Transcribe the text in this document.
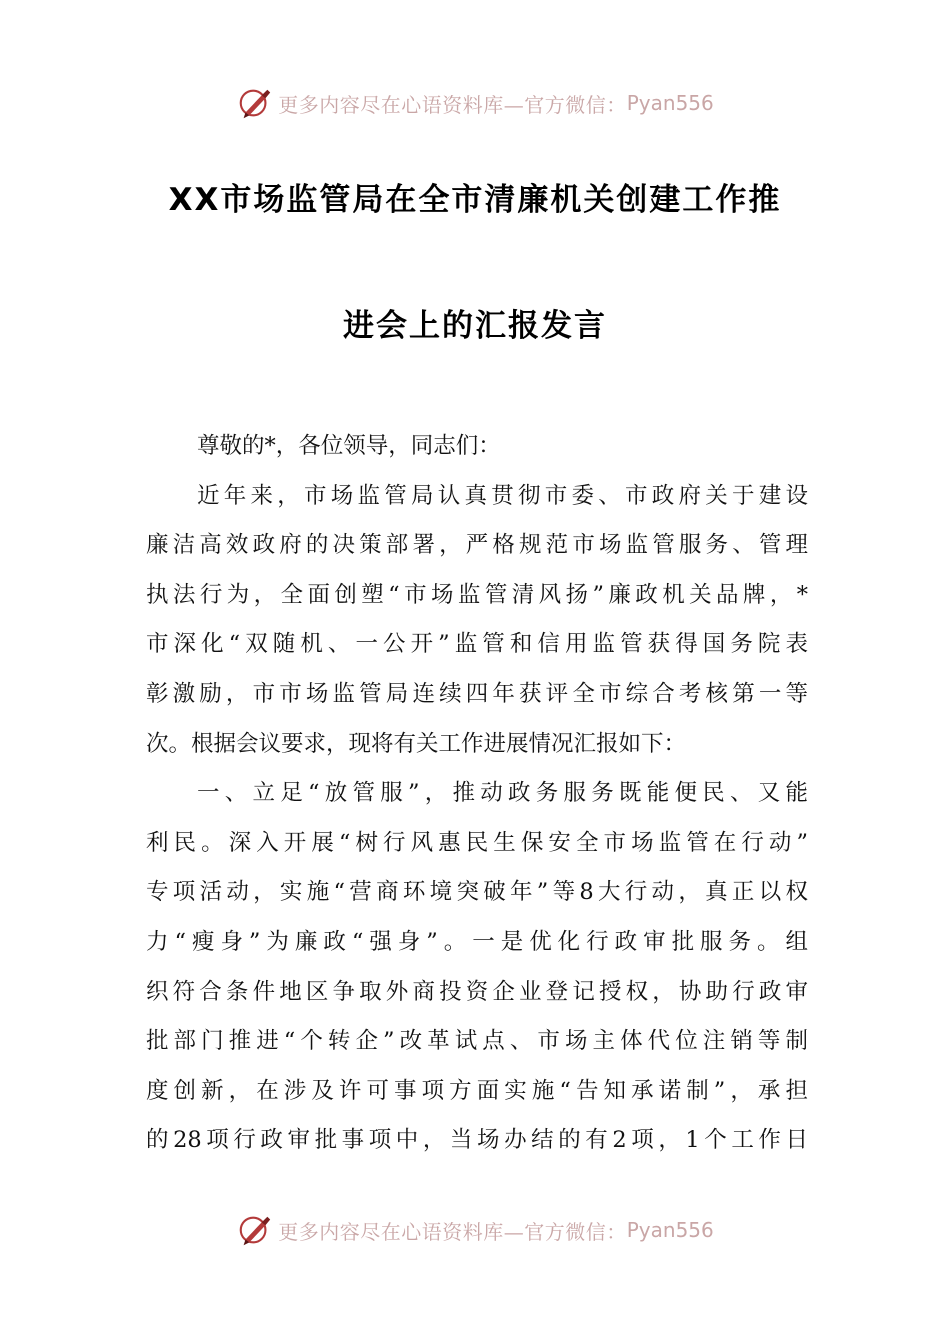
更多内容尽在心语资料库—官方微信： Pyan556
XX市场监管局在全市清廉机关创建工作推
进会上的汇报发言
尊敬的*，各位领导，同志们：
近年来，市场监管局认真贯彻市委、市政府关于建设
廉洁高效政府的决策部署，严格规范市场监管服务、管理
执法行为，全面创塑“市场监管清风扬”廉政机关品牌，*
市深化“双随机、一公开”监管和信用监管获得国务院表
彰激励，市市场监管局连续四年获评全市综合考核第一等
次。根据会议要求，现将有关工作进展情况汇报如下：
一、立足“放管服”，推动政务服务既能便民、又能
利民。深入开展“树行风惠民生保安全市场监管在行动”
专项活动，实施“营商环境突破年”等8大行动，真正以权
力“瘦身”为廉政“强身”。一是优化行政审批服务。组
织符合条件地区争取外商投资企业登记授权，协助行政审
批部门推进“个转企”改革试点、市场主体代位注销等制
度创新，在涉及许可事项方面实施“告知承诺制”，承担
的28项行政审批事项中，当场办结的有2项，1个工作日
更多内容尽在心语资料库—官方微信： Pyan556
